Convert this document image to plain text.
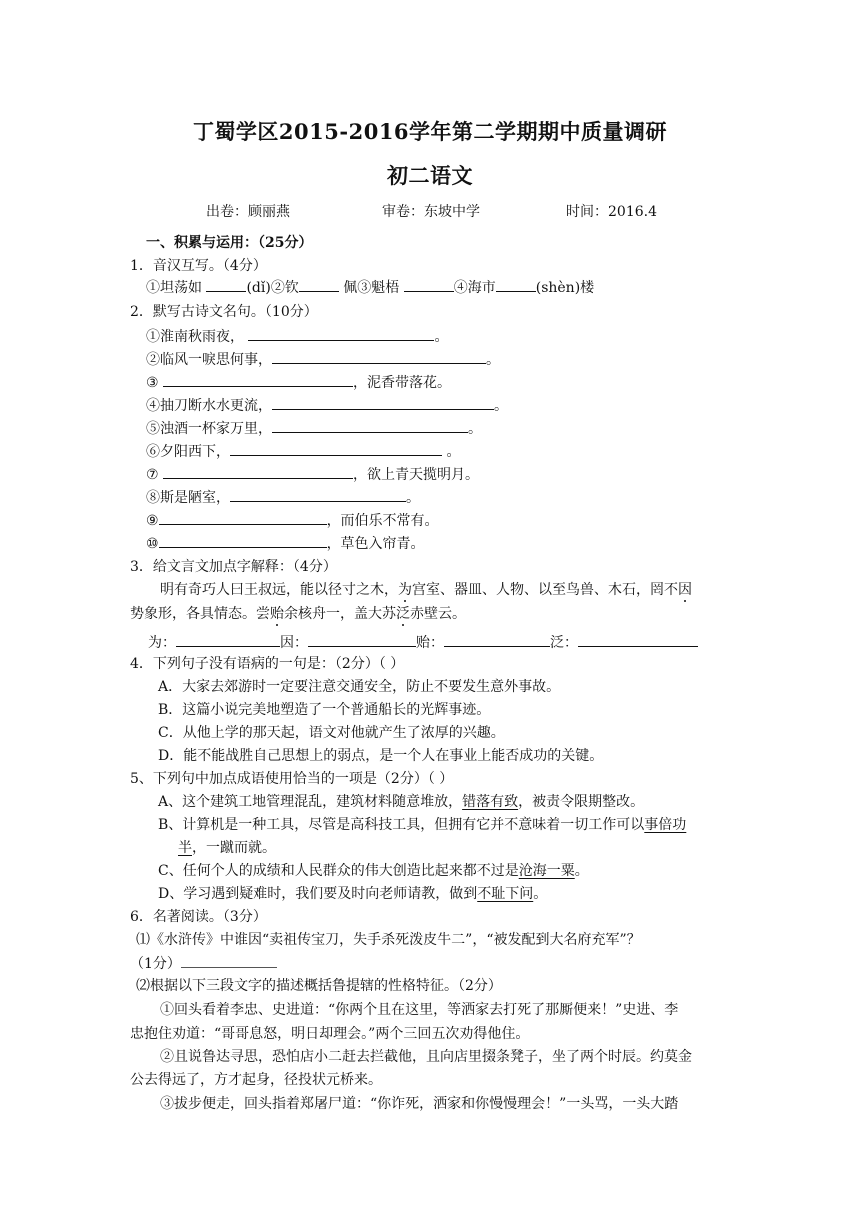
丁蜀学区2015-2016学年第二学期期中质量调研
初二语文
出卷：顾丽燕	审卷：东坡中学	时间：2016.4
一、积累与运用：（25分）
1．音汉互写。（4分）
①坦荡如	(dǐ)②钦	佩③魁梧	④海市	(shèn)楼
2．默写古诗文名句。（10分）
①淮南秋雨夜，	。
②临风一唳思何事，	。
③	，泥香带落花。
④抽刀断水水更流，	。
⑤浊酒一杯家万里，	。
⑥夕阳西下，	。
⑦	，欲上青天揽明月。
⑧斯是陋室，	。
⑨	，而伯乐不常有。
⑩	，草色入帘青。
3．给文言文加点字解释：（4分）
明有奇巧人曰王叔远，能以径寸之木，为宫室、器皿、人物、以至鸟兽、木石，罔不因
势象形，各具情态。尝贻余核舟一，盖大苏泛赤壁云。
为：	因：	贻：	泛：
4．下列句子没有语病的一句是：（2分）（ ）
A．大家去郊游时一定要注意交通安全，防止不要发生意外事故。
B．这篇小说完美地塑造了一个普通船长的光辉事迹。
C．从他上学的那天起，语文对他就产生了浓厚的兴趣。
D．能不能战胜自己思想上的弱点，是一个人在事业上能否成功的关键。
5、下列句中加点成语使用恰当的一项是（2分）（ ）
A、这个建筑工地管理混乱，建筑材料随意堆放，错落有致，被责令限期整改。
B、计算机是一种工具，尽管是高科技工具，但拥有它并不意味着一切工作可以事倍功
半，一蹴而就。
C、任何个人的成绩和人民群众的伟大创造比起来都不过是沧海一粟。
D、学习遇到疑难时，我们要及时向老师请教，做到不耻下问。
6．名著阅读。（3分）
⑴《水浒传》中谁因“卖祖传宝刀，失手杀死泼皮牛二”，“被发配到大名府充军”？
（1分）
⑵根据以下三段文字的描述概括鲁提辖的性格特征。（2分）
①回头看着李忠、史进道：“你两个且在这里，等洒家去打死了那厮便来！”史进、李
忠抱住劝道：“哥哥息怒，明日却理会。”两个三回五次劝得他住。
②且说鲁达寻思，恐怕店小二赶去拦截他，且向店里掇条凳子，坐了两个时辰。约莫金
公去得远了，方才起身，径投状元桥来。
③拔步便走，回头指着郑屠尸道：“你诈死，洒家和你慢慢理会！”一头骂，一头大踏
